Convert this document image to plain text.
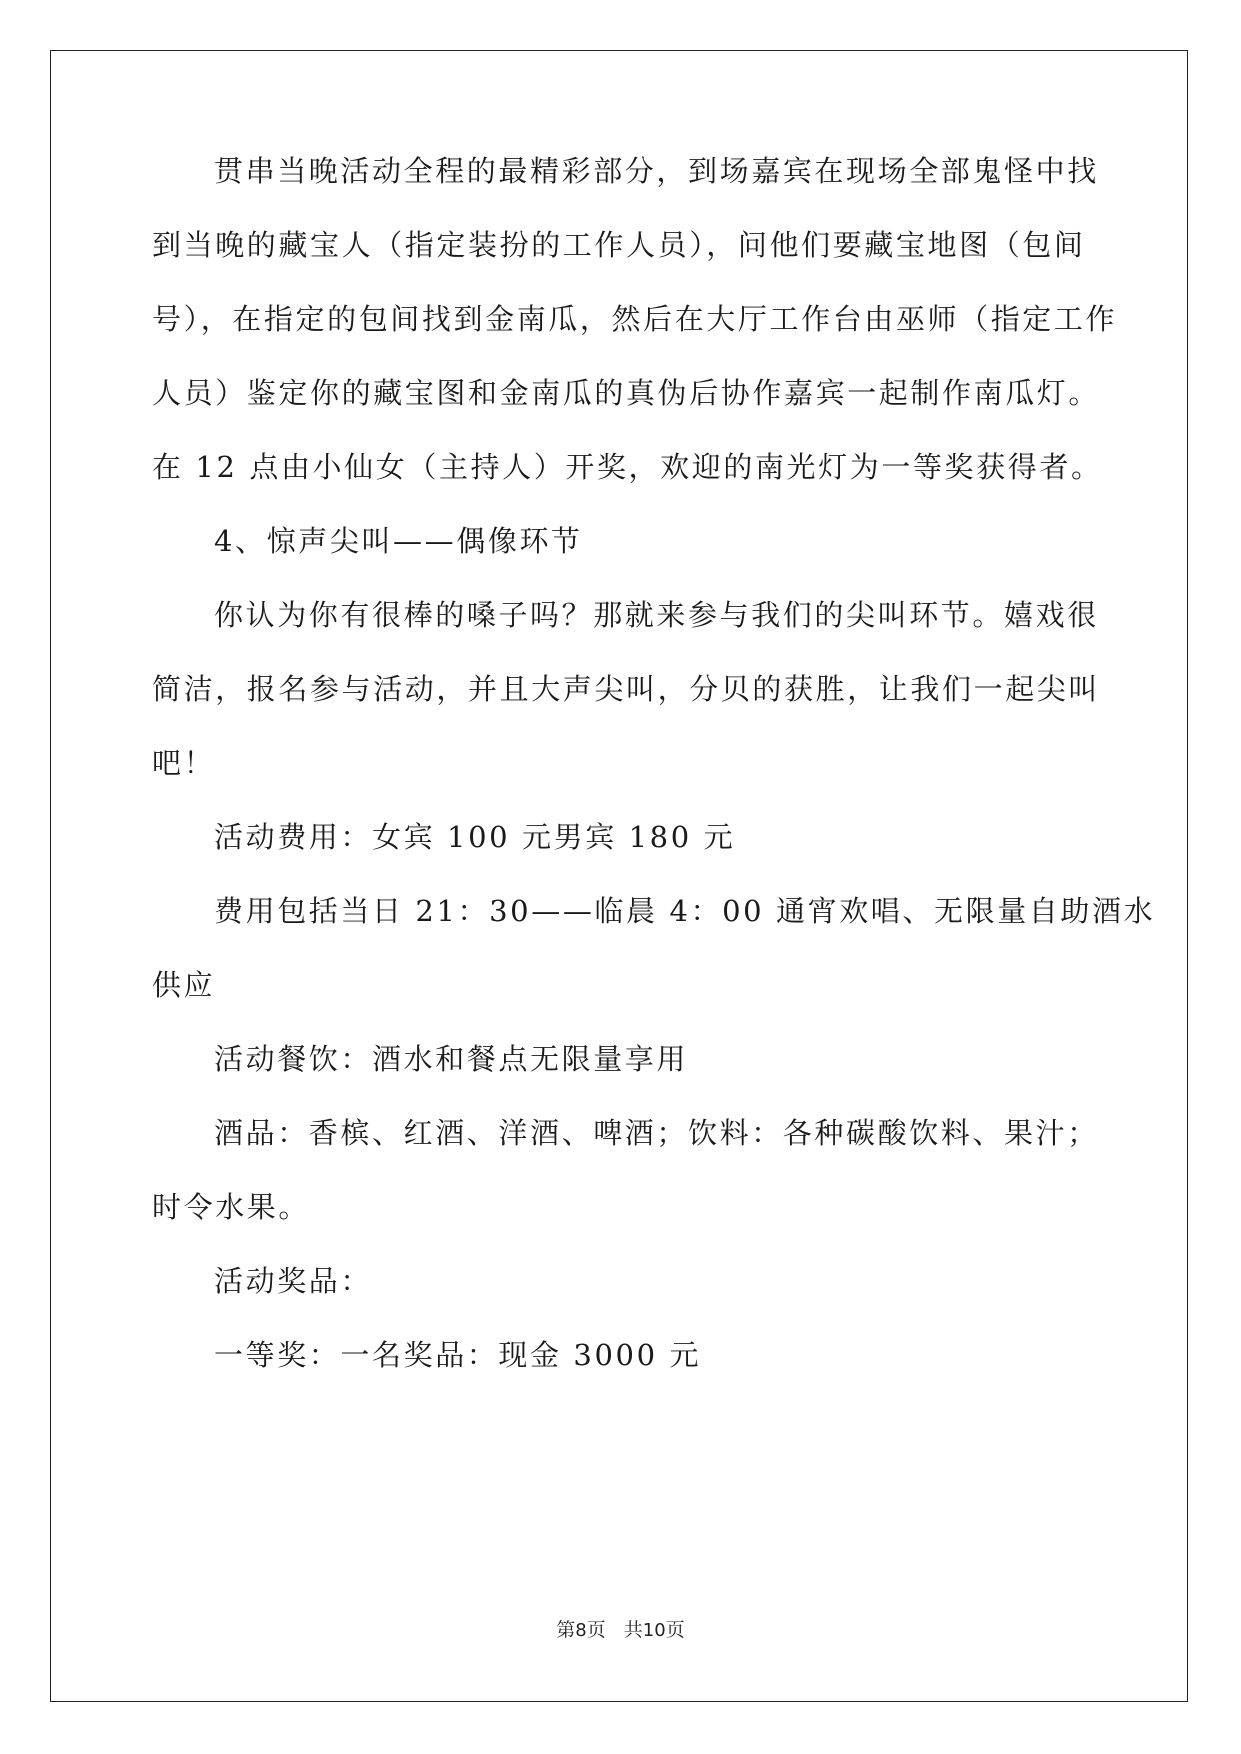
贯串当晚活动全程的最精彩部分，到场嘉宾在现场全部鬼怪中找
到当晚的藏宝人（指定装扮的工作人员），问他们要藏宝地图（包间
号），在指定的包间找到金南瓜，然后在大厅工作台由巫师（指定工作
人员）鉴定你的藏宝图和金南瓜的真伪后协作嘉宾一起制作南瓜灯。
在 12 点由小仙女（主持人）开奖，欢迎的南光灯为一等奖获得者。
4、惊声尖叫——偶像环节
你认为你有很棒的嗓子吗？那就来参与我们的尖叫环节。嬉戏很
简洁，报名参与活动，并且大声尖叫，分贝的获胜，让我们一起尖叫
吧！
活动费用：女宾 100 元男宾 180 元
费用包括当日 21：30——临晨 4：00 通宵欢唱、无限量自助酒水
供应
活动餐饮：酒水和餐点无限量享用
酒品：香槟、红酒、洋酒、啤酒；饮料：各种碳酸饮料、果汁；
时令水果。
活动奖品：
一等奖：一名奖品：现金 3000 元
第8页 共10页
